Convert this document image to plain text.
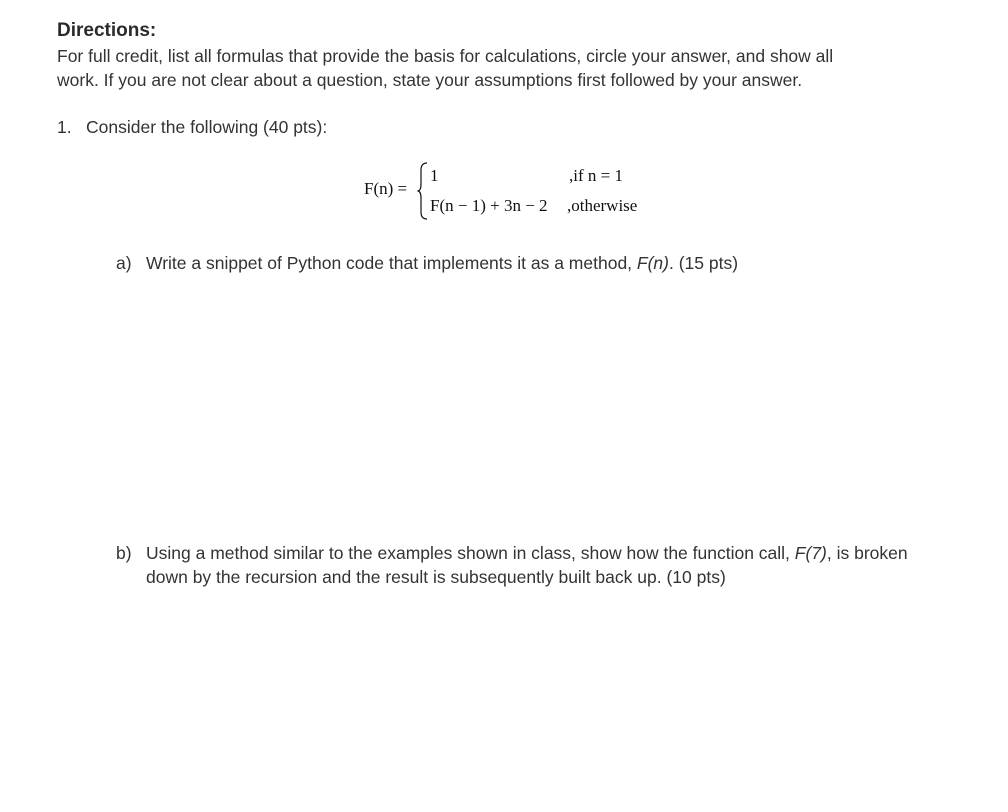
Directions:
For full credit, list all formulas that provide the basis for calculations, circle your answer, and show all
work. If you are not clear about a question, state your assumptions first followed by your answer.
1. Consider the following (40 pts):
F(n) =
1	,if n = 1
F(n − 1) + 3n − 2 ,otherwise
a) Write a snippet of Python code that implements it as a method, F(n). (15 pts)
b) Using a method similar to the examples shown in class, show how the function call, F(7), is broken down by the recursion and the result is subsequently built back up. (10 pts)
